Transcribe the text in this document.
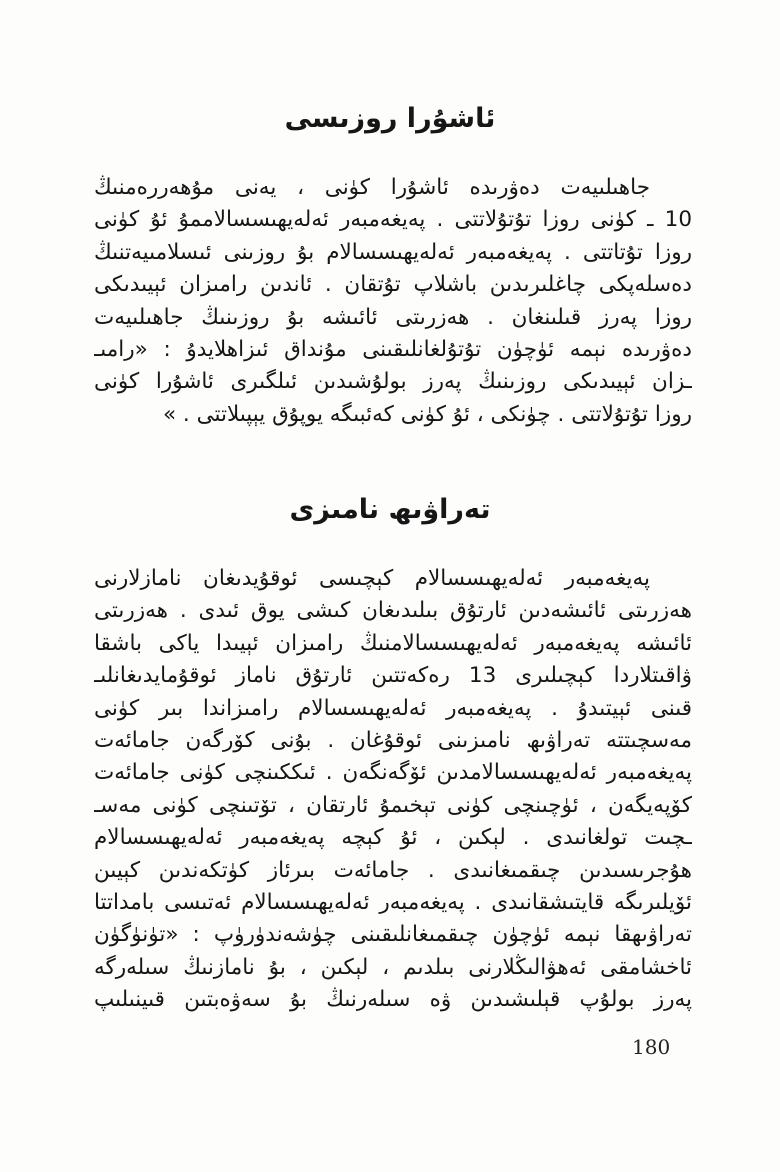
ئاشۇرا روزىسى
جاھىلىيەت دەۋرىدە ئاشۇرا كۈنى ، يەنى مۇھەررەمنىڭ
10 ـ كۈنى روزا تۇتۇلاتتى . پەيغەمبەر ئەلەيھىسسالاممۇ ئۇ كۈنى
روزا تۇتاتتى . پەيغەمبەر ئەلەيھىسسالام بۇ روزىنى ئىسلامىيەتنىڭ
دەسلەپكى چاغلىرىدىن باشلاپ تۇتقان . ئاندىن رامىزان ئېيىدىكى
روزا پەرز قىلىنغان . ھەزرىتى ئائىشە بۇ روزىنىڭ جاھىلىيەت
دەۋرىدە نېمە ئۈچۈن تۇتۇلغانلىقىنى مۇنداق ئىزاھلايدۇ : «رامىـ
ـزان ئېيىدىكى روزىنىڭ پەرز بولۇشىدىن ئىلگىرى ئاشۇرا كۈنى
روزا تۇتۇلاتتى . چۈنكى ، ئۇ كۈنى كەئبىگە يوپۇق يېپىلاتتى . »
تەراۋىھ نامىزى
پەيغەمبەر ئەلەيھىسسالام كېچىسى ئوقۇيدىغان نامازلارنى
ھەزرىتى ئائىشەدىن ئارتۇق بىلىدىغان كىشى يوق ئىدى . ھەزرىتى
ئائىشە پەيغەمبەر ئەلەيھىسسالامنىڭ رامىزان ئېيىدا ياكى باشقا
ۋاقىتلاردا كېچىلىرى 13 رەكەتتىن ئارتۇق ناماز ئوقۇمايدىغانلىـ
قىنى ئېيتىدۇ . پەيغەمبەر ئەلەيھىسسالام رامىزاندا بىر كۈنى
مەسچىتتە تەراۋىھ نامىزىنى ئوقۇغان . بۇنى كۆرگەن جامائەت
پەيغەمبەر ئەلەيھىسسالامدىن ئۆگەنگەن . ئىككىنچى كۈنى جامائەت
كۆپەيگەن ، ئۈچىنچى كۈنى تېخىمۇ ئارتقان ، تۆتىنچى كۈنى مەسـ
ـچىت تولغانىدى . لېكىن ، ئۇ كېچە پەيغەمبەر ئەلەيھىسسالام
ھۇجرىسىدىن چىقمىغانىدى . جامائەت بىرئاز كۈتكەندىن كېيىن
ئۆيلىرىگە قايتىشقانىدى . پەيغەمبەر ئەلەيھىسسالام ئەتىسى بامداتتا
تەراۋىھقا نېمە ئۈچۈن چىقمىغانلىقىنى چۈشەندۈرۈپ : «تۈنۈگۈن
ئاخشامقى ئەھۋالىڭلارنى بىلدىم ، لېكىن ، بۇ نامازنىڭ سىلەرگە
پەرز بولۇپ قېلىشىدىن ۋە سىلەرنىڭ بۇ سەۋەبتىن قىينىلىپ
180
